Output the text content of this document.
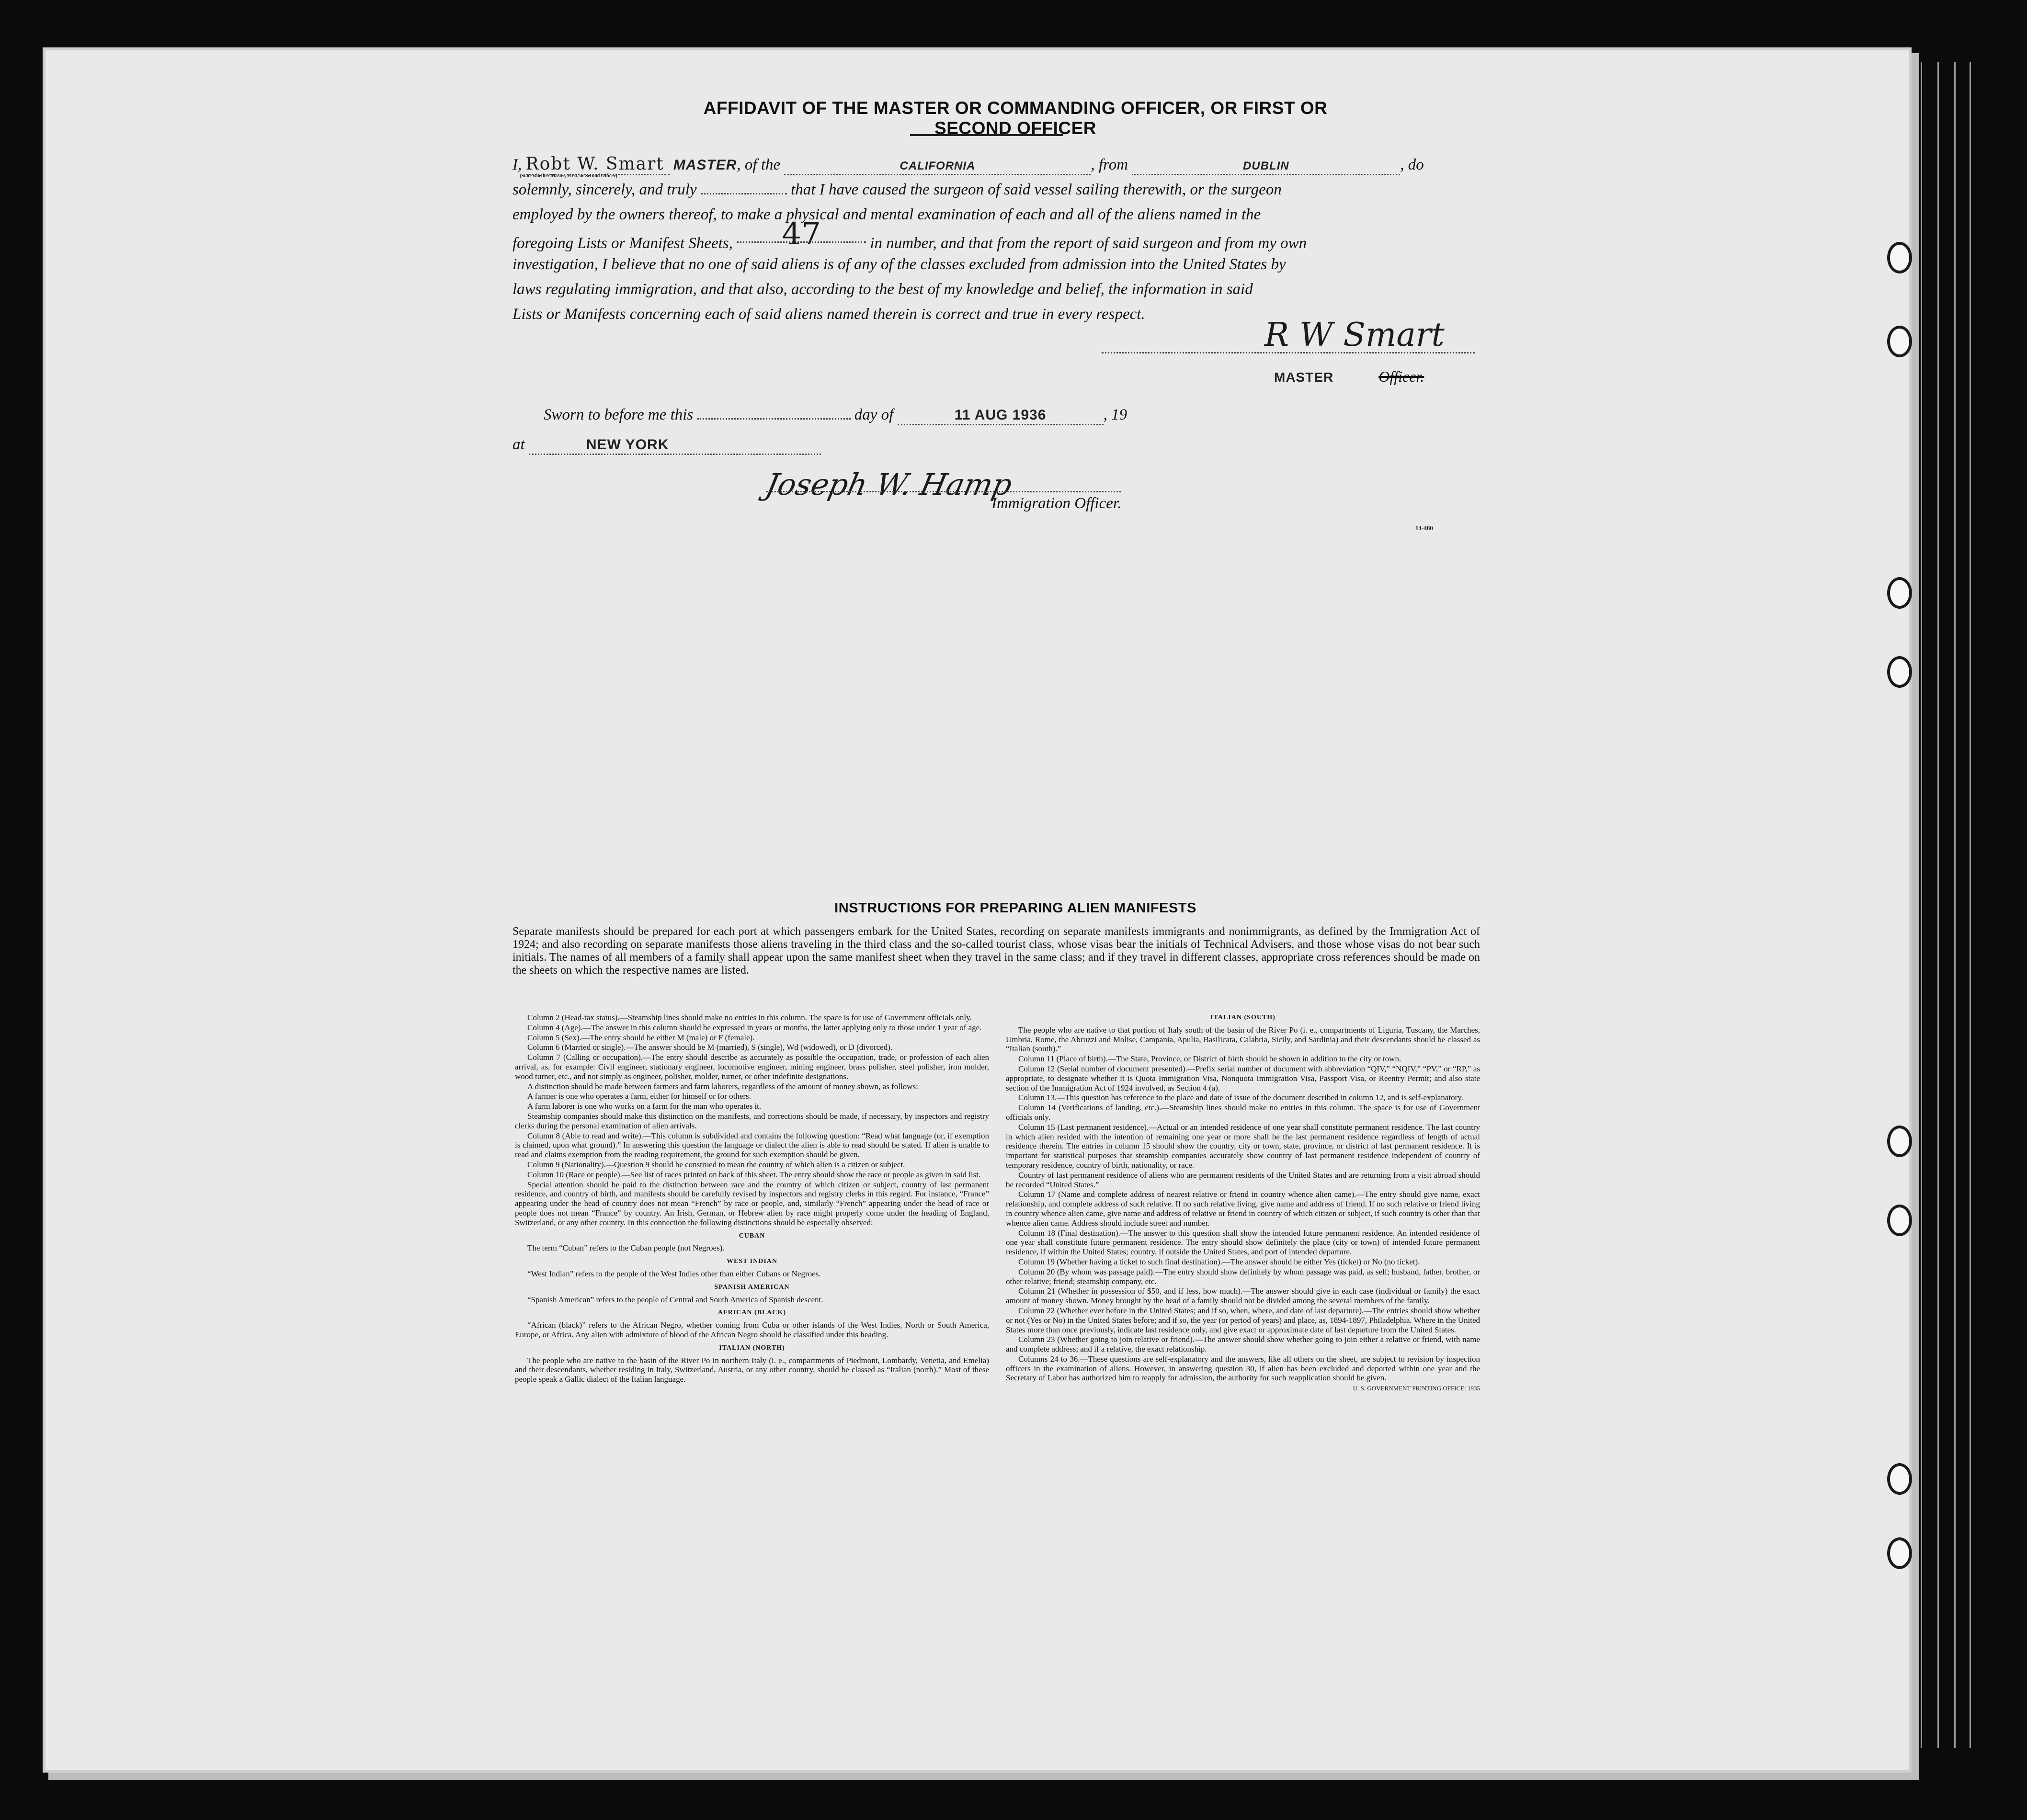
AFFIDAVIT OF THE MASTER OR COMMANDING OFFICER, OR FIRST OR SECOND OFFICER
I, Robt W. Smart MASTER, of the	CALIFORNIA	, from	DUBLIN	, do
(State whether Master, First, or Second Officer)
solemnly, sincerely, and truly	that I have caused the surgeon of said vessel sailing therewith, or the surgeon
employed by the owners thereof, to make a physical and mental examination of each and all of the aliens named in the
foregoing Lists or Manifest Sheets, 47	in number, and that from the report of said surgeon and from my own
investigation, I believe that no one of said aliens is of any of the classes excluded from admission into the United States by
laws regulating immigration, and that also, according to the best of my knowledge and belief, the information in said
Lists or Manifests concerning each of said aliens named therein is correct and true in every respect.
R W Smart
MASTER	Officer.
Sworn to before me this	day of	11 AUG 1936	, 19
at	NEW YORK
Joseph W. Hamp
Immigration Officer.
14-480
INSTRUCTIONS FOR PREPARING ALIEN MANIFESTS
Separate manifests should be prepared for each port at which passengers embark for the United States, recording on separate manifests immigrants and nonimmigrants, as defined by the Immigration Act of 1924; and also recording on separate manifests those aliens traveling in the third class and the so-called tourist class, whose visas bear the initials of Technical Advisers, and those whose visas do not bear such initials. The names of all members of a family shall appear upon the same manifest sheet when they travel in the same class; and if they travel in different classes, appropriate cross references should be made on the sheets on which the respective names are listed.

Column 2 (Head-tax status).—Steamship lines should make no entries in this column. The space is for use of Government officials only.

Column 4 (Age).—The answer in this column should be expressed in years or months, the latter applying only to those under 1 year of age.

Column 5 (Sex).—The entry should be either M (male) or F (female).

Column 6 (Married or single).—The answer should be M (married), S (single), Wd (widowed), or D (divorced).

Column 7 (Calling or occupation).—The entry should describe as accurately as possible the occupation, trade, or profession of each alien arrival, as, for example: Civil engineer, stationary engineer, locomotive engineer, mining engineer, brass polisher, steel polisher, iron molder, wood turner, etc., and not simply as engineer, polisher, molder, turner, or other indefinite designations.

A distinction should be made between farmers and farm laborers, regardless of the amount of money shown, as follows:

A farmer is one who operates a farm, either for himself or for others.

A farm laborer is one who works on a farm for the man who operates it.

Steamship companies should make this distinction on the manifests, and corrections should be made, if necessary, by inspectors and registry clerks during the personal examination of alien arrivals.

Column 8 (Able to read and write).—This column is subdivided and contains the following question: “Read what language (or, if exemption is claimed, upon what ground).” In answering this question the language or dialect the alien is able to read should be stated. If alien is unable to read and claims exemption from the reading requirement, the ground for such exemption should be given.

Column 9 (Nationality).—Question 9 should be construed to mean the country of which alien is a citizen or subject.

Column 10 (Race or people).—See list of races printed on back of this sheet. The entry should show the race or people as given in said list.

Special attention should be paid to the distinction between race and the country of which citizen or subject, country of last permanent residence, and country of birth, and manifests should be carefully revised by inspectors and registry clerks in this regard. For instance, “France” appearing under the head of country does not mean “French” by race or people, and, similarly “French” appearing under the head of race or people does not mean “France” by country. An Irish, German, or Hebrew alien by race might properly come under the heading of England, Switzerland, or any other country. In this connection the following distinctions should be especially observed:

CUBAN

The term “Cuban” refers to the Cuban people (not Negroes).

WEST INDIAN

“West Indian” refers to the people of the West Indies other than either Cubans or Negroes.

SPANISH AMERICAN

“Spanish American” refers to the people of Central and South America of Spanish descent.

AFRICAN (BLACK)

“African (black)” refers to the African Negro, whether coming from Cuba or other islands of the West Indies, North or South America, Europe, or Africa. Any alien with admixture of blood of the African Negro should be classified under this heading.

ITALIAN (NORTH)

The people who are native to the basin of the River Po in northern Italy (i. e., compartments of Piedmont, Lombardy, Venetia, and Emelia) and their descendants, whether residing in Italy, Switzerland, Austria, or any other country, should be classed as “Italian (north).” Most of these people speak a Gallic dialect of the Italian language.

ITALIAN (SOUTH)

The people who are native to that portion of Italy south of the basin of the River Po (i. e., compartments of Liguria, Tuscany, the Marches, Umbria, Rome, the Abruzzi and Molise, Campania, Apulia, Basilicata, Calabria, Sicily, and Sardinia) and their descendants should be classed as “Italian (south).”

Column 11 (Place of birth).—The State, Province, or District of birth should be shown in addition to the city or town.

Column 12 (Serial number of document presented).—Prefix serial number of document with abbreviation “QIV,” “NQIV,” “PV,” or “RP,” as appropriate, to designate whether it is Quota Immigration Visa, Nonquota Immigration Visa, Passport Visa, or Reentry Permit; and also state section of the Immigration Act of 1924 involved, as Section 4 (a).

Column 13.—This question has reference to the place and date of issue of the document described in column 12, and is self-explanatory.

Column 14 (Verifications of landing, etc.).—Steamship lines should make no entries in this column. The space is for use of Government officials only.

Column 15 (Last permanent residence).—Actual or an intended residence of one year shall constitute permanent residence. The last country in which alien resided with the intention of remaining one year or more shall be the last permanent residence regardless of length of actual residence therein. The entries in column 15 should show the country, city or town, state, province, or district of last permanent residence. It is important for statistical purposes that steamship companies accurately show country of last permanent residence independent of country of temporary residence, country of birth, nationality, or race.

Country of last permanent residence of aliens who are permanent residents of the United States and are returning from a visit abroad should be recorded “United States.”

Column 17 (Name and complete address of nearest relative or friend in country whence alien came).—The entry should give name, exact relationship, and complete address of such relative. If no such relative living, give name and address of friend. If no such relative or friend living in country whence alien came, give name and address of relative or friend in country of which citizen or subject, if such country is other than that whence alien came. Address should include street and number.

Column 18 (Final destination).—The answer to this question shall show the intended future permanent residence. An intended residence of one year shall constitute future permanent residence. The entry should show definitely the place (city or town) of intended future permanent residence, if within the United States; country, if outside the United States, and port of intended departure.

Column 19 (Whether having a ticket to such final destination).—The answer should be either Yes (ticket) or No (no ticket).

Column 20 (By whom was passage paid).—The entry should show definitely by whom passage was paid, as self; husband, father, brother, or other relative; friend; steamship company, etc.

Column 21 (Whether in possession of $50, and if less, how much).—The answer should give in each case (individual or family) the exact amount of money shown. Money brought by the head of a family should not be divided among the several members of the family.

Column 22 (Whether ever before in the United States; and if so, when, where, and date of last departure).—The entries should show whether or not (Yes or No) in the United States before; and if so, the year (or period of years) and place, as, 1894-1897, Philadelphia. Where in the United States more than once previously, indicate last residence only, and give exact or approximate date of last departure from the United States.

Column 23 (Whether going to join relative or friend).—The answer should show whether going to join either a relative or friend, with name and complete address; and if a relative, the exact relationship.

Columns 24 to 36.—These questions are self-explanatory and the answers, like all others on the sheet, are subject to revision by inspection officers in the examination of aliens. However, in answering question 30, if alien has been excluded and deported within one year and the Secretary of Labor has authorized him to reapply for admission, the authority for such reapplication should be given.

U. S. GOVERNMENT PRINTING OFFICE: 1935
